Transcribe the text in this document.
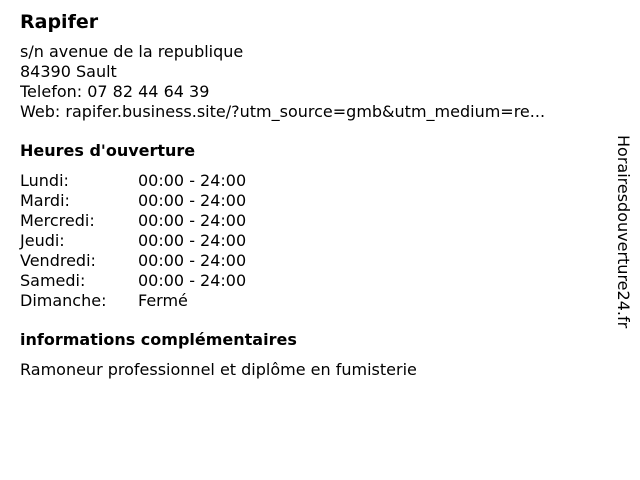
Rapifer
s/n avenue de la republique
84390 Sault
Telefon: 07 82 44 64 39
Web: rapifer.business.site/?utm_source=gmb&utm_medium=re...
Heures d'ouverture
Lundi:	00:00 - 24:00
Mardi:	00:00 - 24:00
Mercredi:	00:00 - 24:00
Jeudi:	00:00 - 24:00
Vendredi:	00:00 - 24:00
Samedi:	00:00 - 24:00
Dimanche:	Fermé
informations complémentaires
Ramoneur professionnel et diplôme en fumisterie
Horairesdouverture24.fr
